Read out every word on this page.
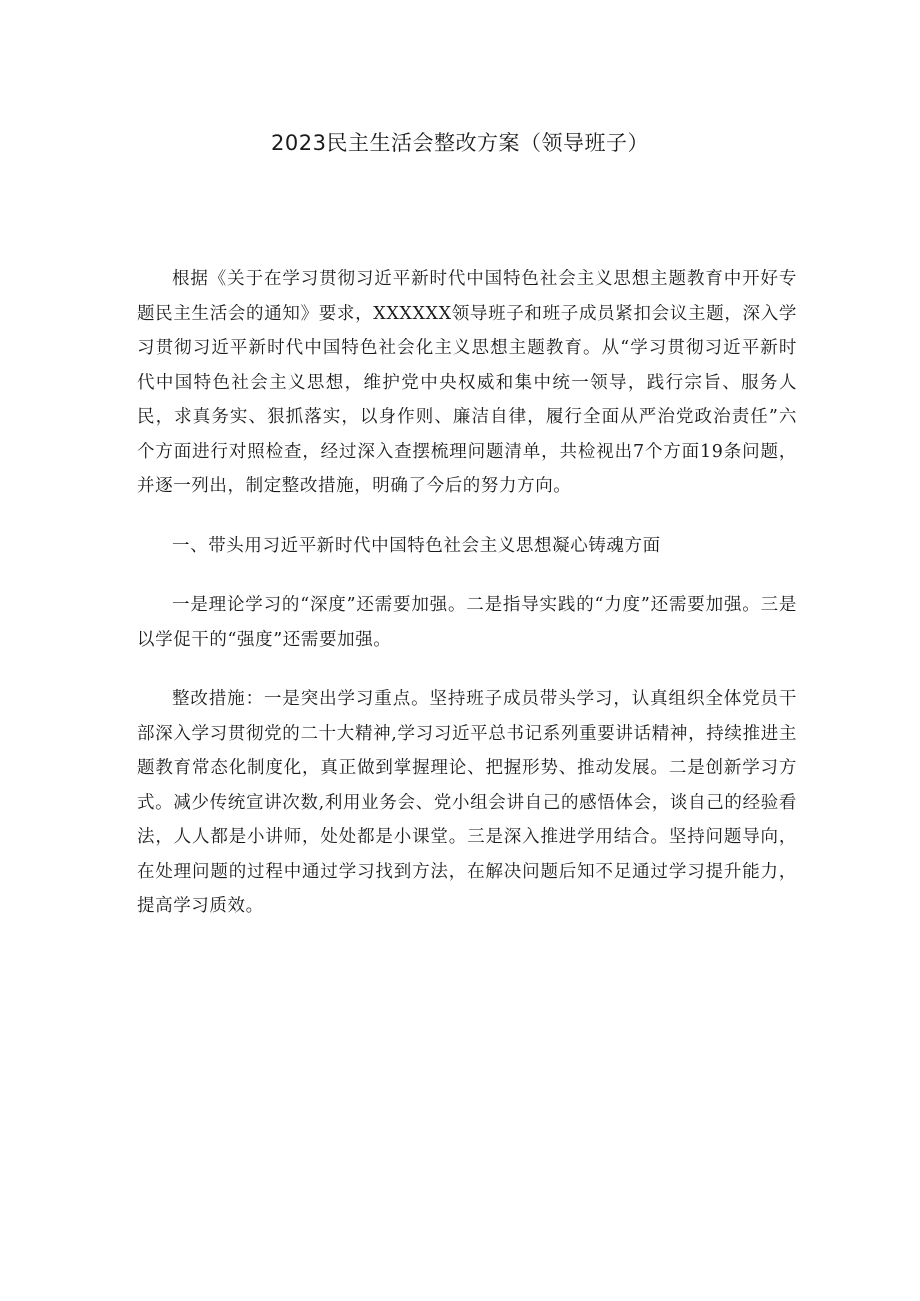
2023民主生活会整改方案（领导班子）

根据《关于在学习贯彻习近平新时代中国特色社会主义思想主题教育中开好专题民主生活会的通知》要求，XXXXXX领导班子和班子成员紧扣会议主题，深入学习贯彻习近平新时代中国特色社会化主义思想主题教育。从“学习贯彻习近平新时代中国特色社会主义思想，维护党中央权威和集中统一领导，践行宗旨、服务人民，求真务实、狠抓落实，以身作则、廉洁自律，履行全面从严治党政治责任”六个方面进行对照检查，经过深入查摆梳理问题清单，共检视出7个方面19条问题，并逐一列出，制定整改措施，明确了今后的努力方向。

一、带头用习近平新时代中国特色社会主义思想凝心铸魂方面

一是理论学习的“深度”还需要加强。二是指导实践的“力度”还需要加强。三是以学促干的“强度”还需要加强。

整改措施：一是突出学习重点。坚持班子成员带头学习，认真组织全体党员干部深入学习贯彻党的二十大精神,学习习近平总书记系列重要讲话精神，持续推进主题教育常态化制度化，真正做到掌握理论、把握形势、推动发展。二是创新学习方式。减少传统宣讲次数,利用业务会、党小组会讲自己的感悟体会，谈自己的经验看法，人人都是小讲师，处处都是小课堂。三是深入推进学用结合。坚持问题导向，在处理问题的过程中通过学习找到方法，在解决问题后知不足通过学习提升能力，提高学习质效。
